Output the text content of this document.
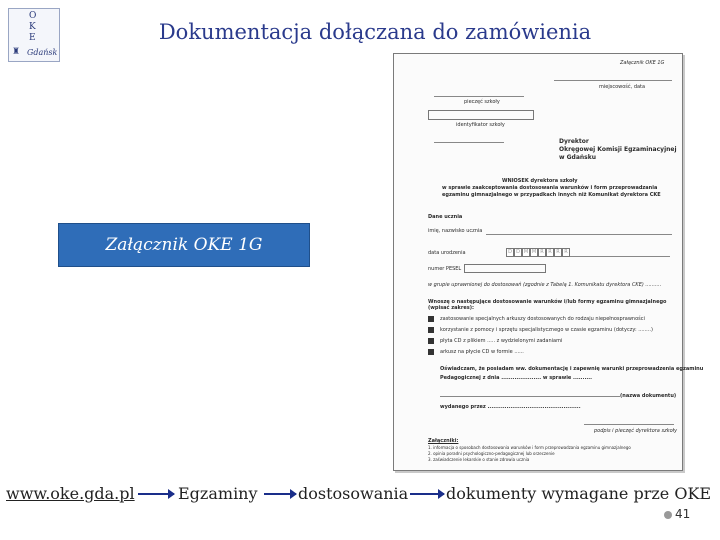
O
K
E
♜ Gdańsk
Dokumentacja dołączana do zamówienia
Załącznik OKE 1G
Załącznik OKE 1G
miejscowość, data
pieczęć szkoły
identyfikator szkoły
Dyrektor
Okręgowej Komisji Egzaminacyjnej
w Gdańsku
WNIOSEK dyrektora szkoły
w sprawie zaakceptowania dostosowania warunków i form przeprowadzania
egzaminu gimnazjalnego w przypadkach innych niż Komunikat dyrektora CKE
Dane ucznia
imię, nazwisko ucznia
data urodzenia	D D M M R R R R
numer PESEL
w grupie uprawnionej do dostosowań (zgodnie z Tabelą 1. Komunikatu dyrektora CKE) ..........
Wnoszę o następujące dostosowanie warunków i/lub formy egzaminu gimnazjalnego (wpisać zakres):
zastosowanie specjalnych arkuszy dostosowanych do rodzaju niepełnosprawności
korzystanie z pomocy i sprzętu specjalistycznego w czasie egzaminu (dotyczy: ........)
płyta CD z plikiem ..... z wydzielonymi zadaniami
arkusz na płycie CD w formie ......
Oświadczam, że posiadam ww. dokumentację i zapewnię warunki przeprowadzenia egzaminu
Pedagogicznej z dnia ..................... w sprawie ..........
(nazwa dokumentu)
wydanego przez .................................................
podpis i pieczęć dyrektora szkoły
Załączniki:
1. informacja o sposobach dostosowania warunków i form przeprowadzania egzaminu gimnazjalnego
2. opinia poradni psychologiczno-pedagogicznej lub orzeczenie
3. zaświadczenie lekarskie o stanie zdrowia ucznia
www.oke.gda.pl	Egzaminy	dostosowania dokumenty wymagane prze OKE
41
